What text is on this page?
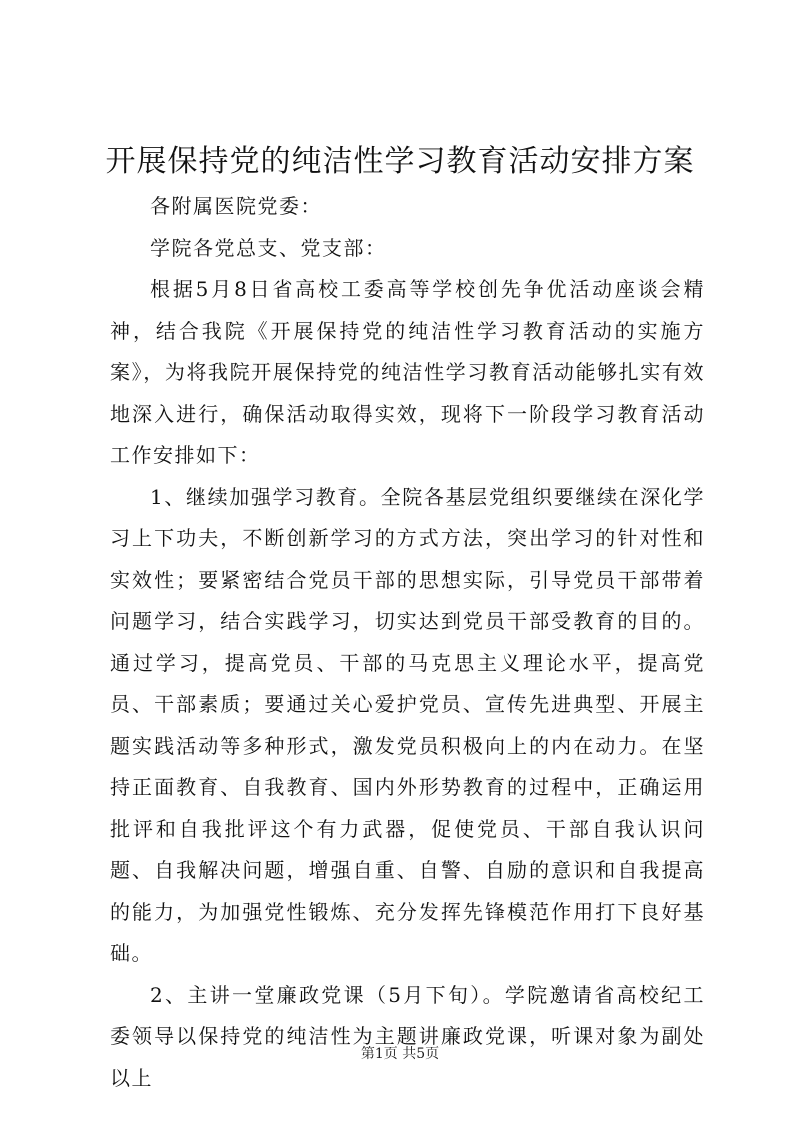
开展保持党的纯洁性学习教育活动安排方案

各附属医院党委：

学院各党总支、党支部：

根据5月8日省高校工委高等学校创先争优活动座谈会精神，结合我院《开展保持党的纯洁性学习教育活动的实施方案》，为将我院开展保持党的纯洁性学习教育活动能够扎实有效地深入进行，确保活动取得实效，现将下一阶段学习教育活动工作安排如下：

1、继续加强学习教育。全院各基层党组织要继续在深化学习上下功夫，不断创新学习的方式方法，突出学习的针对性和实效性；要紧密结合党员干部的思想实际，引导党员干部带着问题学习，结合实践学习，切实达到党员干部受教育的目的。通过学习，提高党员、干部的马克思主义理论水平，提高党员、干部素质；要通过关心爱护党员、宣传先进典型、开展主题实践活动等多种形式，激发党员积极向上的内在动力。在坚持正面教育、自我教育、国内外形势教育的过程中，正确运用批评和自我批评这个有力武器，促使党员、干部自我认识问题、自我解决问题，增强自重、自警、自励的意识和自我提高的能力，为加强党性锻炼、充分发挥先锋模范作用打下良好基础。

2、主讲一堂廉政党课（5月下旬）。学院邀请省高校纪工委领导以保持党的纯洁性为主题讲廉政党课，听课对象为副处以上

第1页 共5页
